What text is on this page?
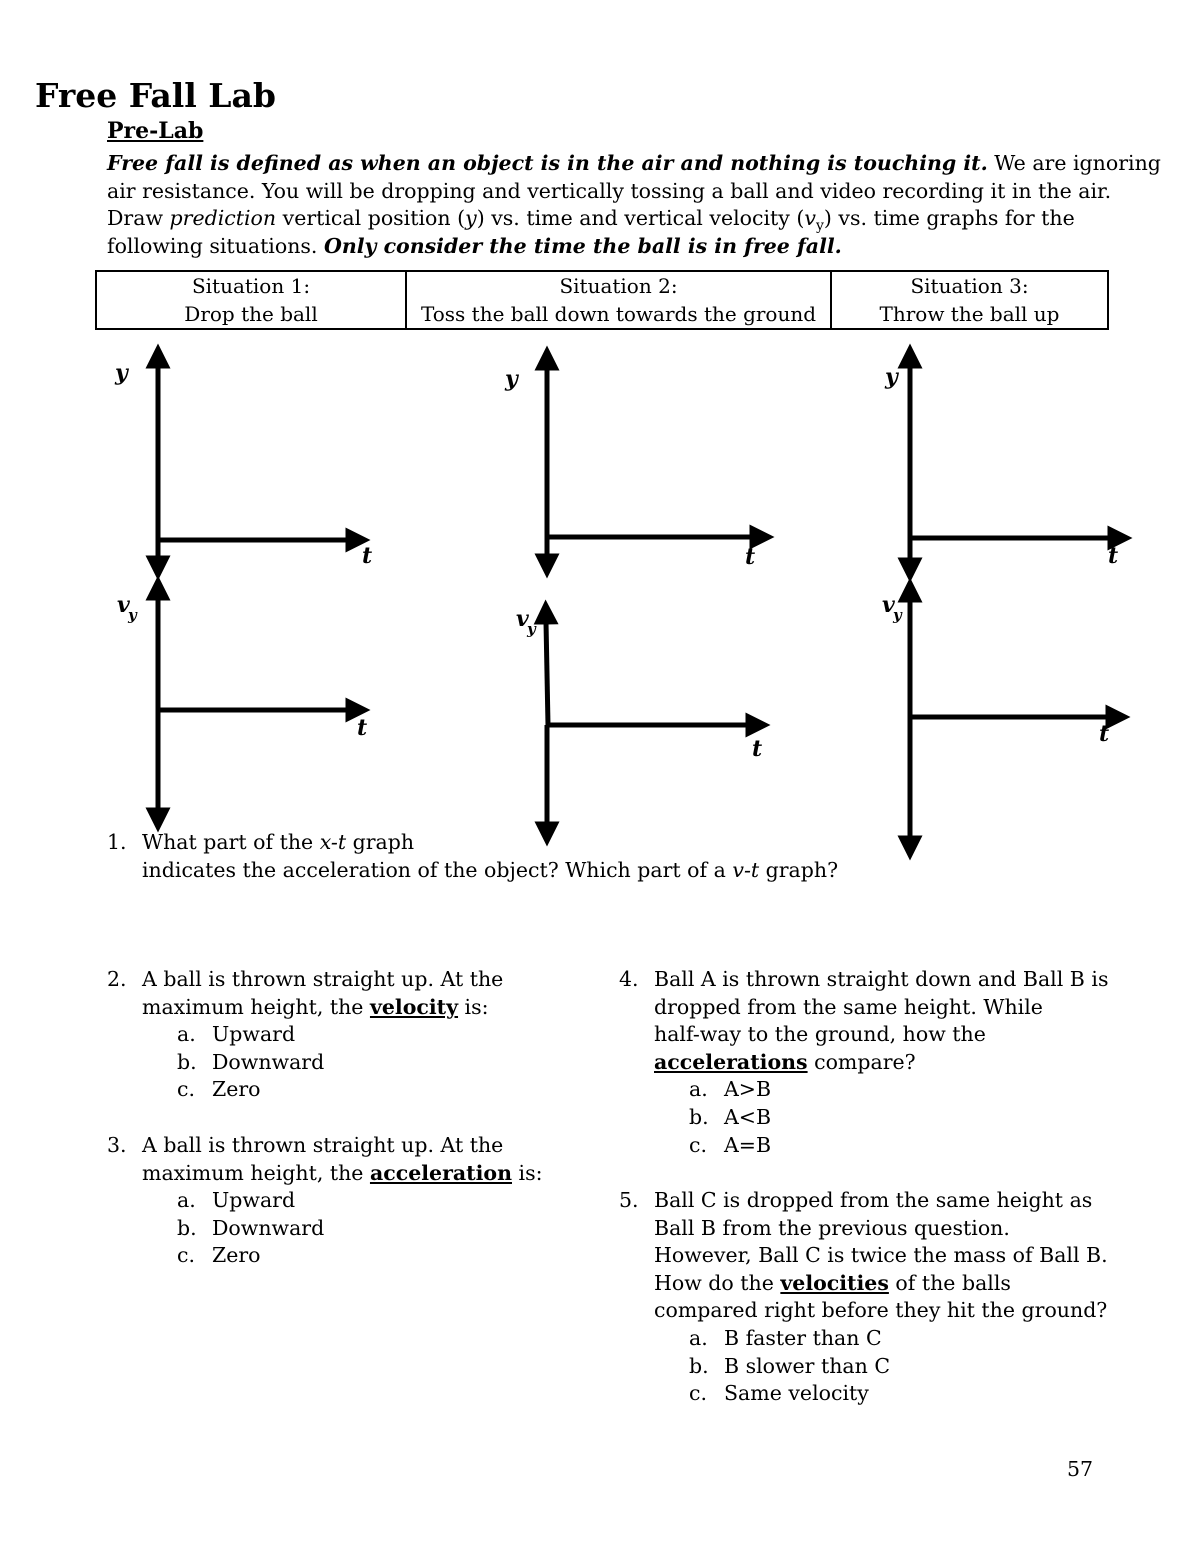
Free Fall Lab
Pre-Lab
Free fall is defined as when an object is in the air and nothing is touching it. We are ignoring
air resistance. You will be dropping and vertically tossing a ball and video recording it in the air.
Draw prediction vertical position (y) vs. time and vertical velocity $(v_y)$ vs. time graphs for the
following situations. Only consider the time the ball is in free fall.
Situation 1:	Situation 2:	Situation 3:
Drop the ball	Toss the ball down towards the ground	Throw the ball up
y
t
y
t
y
t
v
y
t
v
y
t
v
y
t
1. What part of the x-t graph
indicates the acceleration of the object? Which part of a v-t graph?
2. A ball is thrown straight up. At the
maximum height, the velocity is:
a. Upward
b. Downward
c. Zero
3. A ball is thrown straight up. At the
maximum height, the acceleration is:
a. Upward
b. Downward
c. Zero
4. Ball A is thrown straight down and Ball B is
dropped from the same height. While
half-way to the ground, how the
accelerations compare?
a. A>B
b. A<B
c. A=B
5. Ball C is dropped from the same height as
Ball B from the previous question.
However, Ball C is twice the mass of Ball B.
How do the velocities of the balls
compared right before they hit the ground?
a. B faster than C
b. B slower than C
c. Same velocity
57
